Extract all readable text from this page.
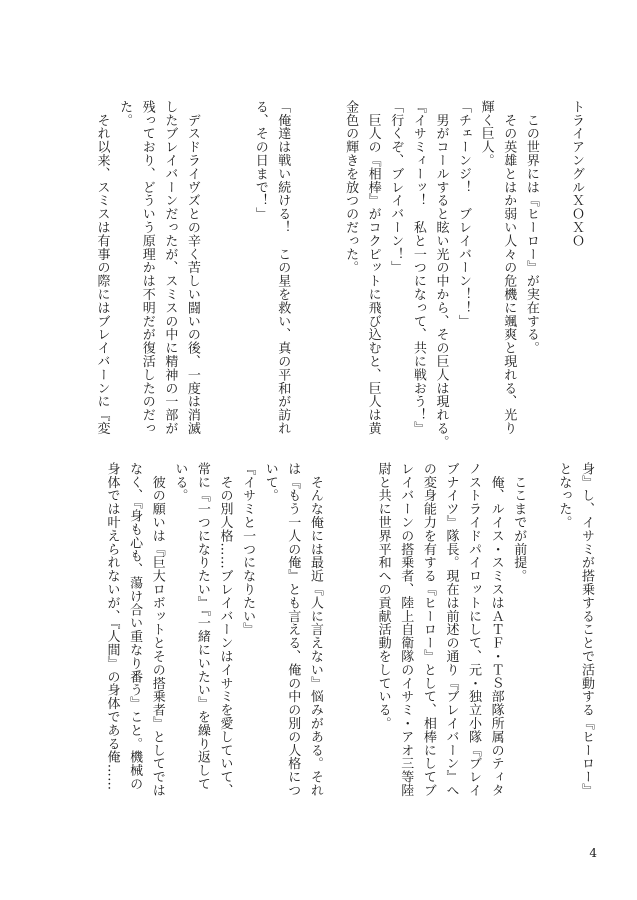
トライアングルＸＯＸＯ

　この世界には『ヒーロー』が実在する。
　その英雄とはか弱い人々の危機に颯爽と現れる、光り
輝く巨人。
「チェーンジ！　ブレイバーン！！」
　男がコールすると眩い光の中から、その巨人は現れる。
『イサミィーッ！　私と一つになって、共に戦おう！』
「行くぞ、ブレイバーン！」
　巨人の『相棒』がコクピットに飛び込むと、巨人は黄
金色の輝きを放つのだった。

「俺達は戦い続ける！　この星を救い、真の平和が訪れ
る、その日まで！」

　デスドライヴズとの辛く苦しい闘いの後、一度は消滅
したブレイバーンだったが、スミスの中に精神の一部が
残っており、どういう原理かは不明だが復活したのだっ
た。
　それ以来、スミスは有事の際にはブレイバーンに『変
身』し、イサミが搭乗することで活動する『ヒーロー』
となった。

　ここまでが前提。
　俺、ルイス・スミスはＡＴＦ・ＴＳ部隊所属のティタ
ノストライドパイロットにして、元・独立小隊『ブレイ
ブナイツ』隊長。現在は前述の通り『ブレイバーン』へ
の変身能力を有する『ヒーロー』として、相棒にしてブ
レイバーンの搭乗者、陸上自衛隊のイサミ・アオ三等陸
尉と共に世界平和への貢献活動をしている。

　そんな俺には最近『人に言えない』悩みがある。それ
は『もう一人の俺』とも言える、俺の中の別の人格につ
いて。
『イサミと一つになりたい』
　その別人格……ブレイバーンはイサミを愛していて、
常に『一つになりたい』『一緒にいたい』を繰り返して
いる。
　彼の願いは『巨大ロボットとその搭乗者』としてでは
なく、『身も心も、蕩け合い重なり番う』こと。機械の
身体では叶えられないが、『人間』の身体である俺……
4
